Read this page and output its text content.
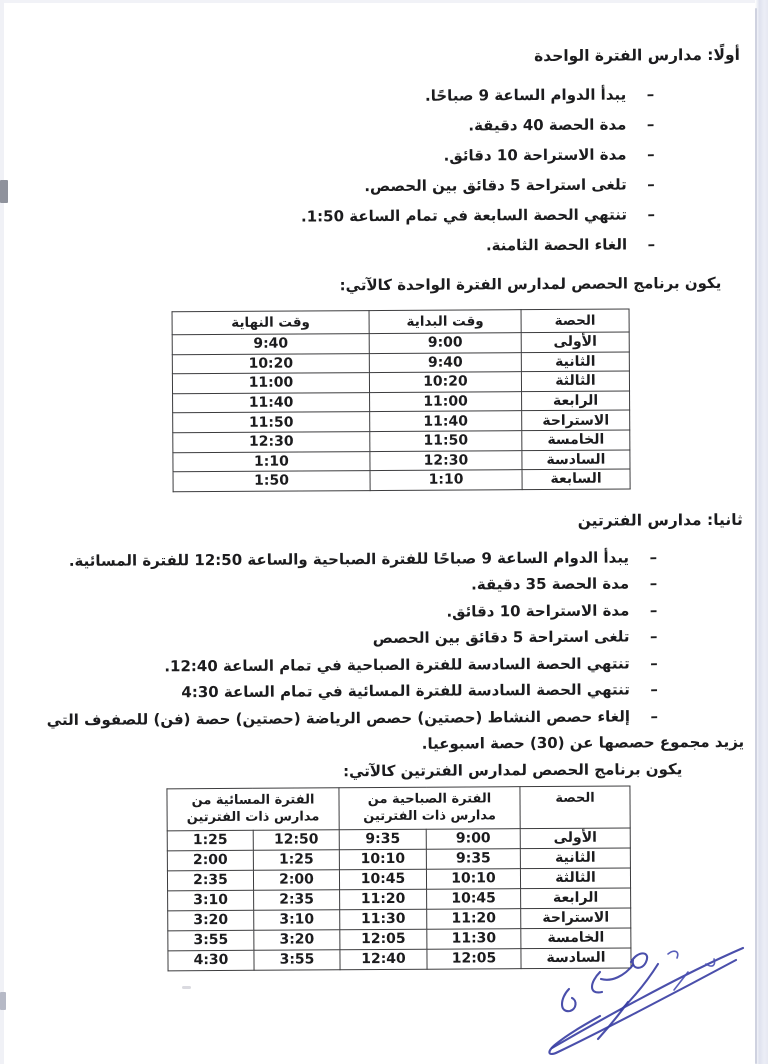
أولًا: مدارس الفترة الواحدة

–يبدأ الدوام الساعة 9 صباحًا.

–مدة الحصة 40 دقيقة.

–مدة الاستراحة 10 دقائق.

–تلغى استراحة 5 دقائق بين الحصص.

–تنتهي الحصة السابعة في تمام الساعة 1:50.

–الغاء الحصة الثامنة.

يكون برنامج الحصص لمدارس الفترة الواحدة كالآتي:

الحصة	وقت البداية	وقت النهاية
الأولى	9:00	9:40
الثانية	9:40	10:20
الثالثة	10:20	11:00
الرابعة	11:00	11:40
الاستراحة	11:40	11:50
الخامسة	11:50	12:30
السادسة	12:30	1:10
السابعة	1:10	1:50

ثانيا: مدارس الفترتين

–يبدأ الدوام الساعة 9 صباحًا للفترة الصباحية والساعة 12:50 للفترة المسائية.

–مدة الحصة 35 دقيقة.

–مدة الاستراحة 10 دقائق.

–تلغى استراحة 5 دقائق بين الحصص

–تنتهي الحصة السادسة للفترة الصباحية في تمام الساعة 12:40.

–تنتهي الحصة السادسة للفترة المسائية في تمام الساعة 4:30

–إلغاء حصص النشاط (حصتين) حصص الرياضة (حصتين) حصة (فن) للصفوف التي يزيد مجموع حصصها عن (30) حصة اسبوعيا.

يكون برنامج الحصص لمدارس الفترتين كالآتي:

الحصة	الفترة الصباحية من مدارس ذات الفترتين		الفترة المسائية من مدارس ذات الفترتين	
الأولى	9:00	9:35	12:50	1:25
الثانية	9:35	10:10	1:25	2:00
الثالثة	10:10	10:45	2:00	2:35
الرابعة	10:45	11:20	2:35	3:10
الاستراحة	11:20	11:30	3:10	3:20
الخامسة	11:30	12:05	3:20	3:55
السادسة	12:05	12:40	3:55	4:30
